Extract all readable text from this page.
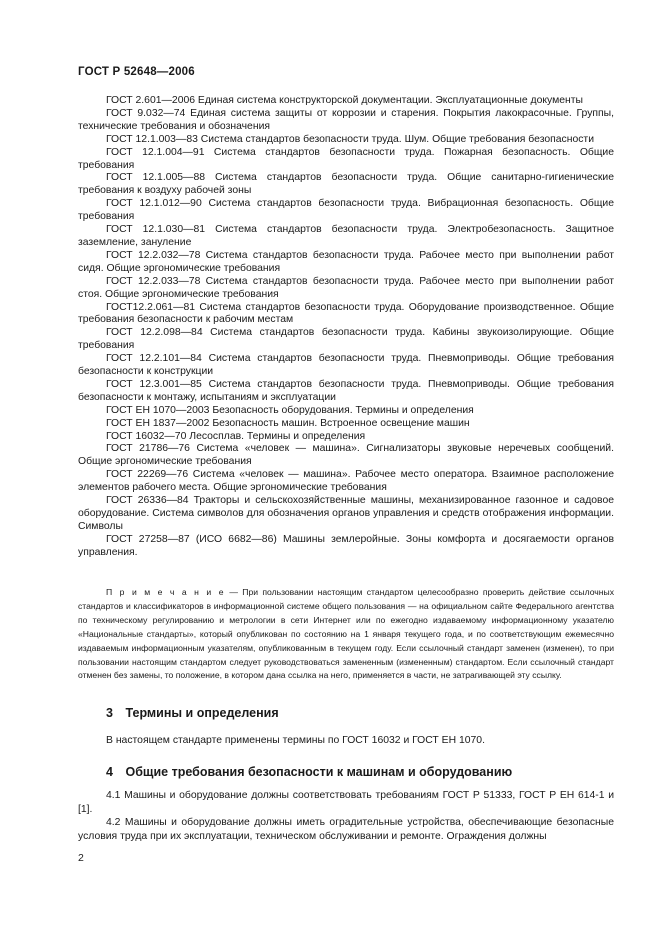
ГОСТ Р 52648—2006

ГОСТ 2.601—2006 Единая система конструкторской документации. Эксплуатационные документы

ГОСТ 9.032—74 Единая система защиты от коррозии и старения. Покрытия лакокрасочные. Группы, технические требования и обозначения

ГОСТ 12.1.003—83 Система стандартов безопасности труда. Шум. Общие требования безопасности

ГОСТ 12.1.004—91 Система стандартов безопасности труда. Пожарная безопасность. Общие требования

ГОСТ 12.1.005—88 Система стандартов безопасности труда. Общие санитарно-гигиенические требования к воздуху рабочей зоны

ГОСТ 12.1.012—90 Система стандартов безопасности труда. Вибрационная безопасность. Общие требования

ГОСТ 12.1.030—81 Система стандартов безопасности труда. Электробезопасность. Защитное заземление, зануление

ГОСТ 12.2.032—78 Система стандартов безопасности труда. Рабочее место при выполнении работ сидя. Общие эргономические требования

ГОСТ 12.2.033—78 Система стандартов безопасности труда. Рабочее место при выполнении работ стоя. Общие эргономические требования

ГОСТ12.2.061—81 Система стандартов безопасности труда. Оборудование производственное. Общие требования безопасности к рабочим местам

ГОСТ 12.2.098—84 Система стандартов безопасности труда. Кабины звукоизолирующие. Общие требования

ГОСТ 12.2.101—84 Система стандартов безопасности труда. Пневмоприводы. Общие требования безопасности к конструкции

ГОСТ 12.3.001—85 Система стандартов безопасности труда. Пневмоприводы. Общие требования безопасности к монтажу, испытаниям и эксплуатации

ГОСТ ЕН 1070—2003 Безопасность оборудования. Термины и определения

ГОСТ ЕН 1837—2002 Безопасность машин. Встроенное освещение машин

ГОСТ 16032—70 Лесосплав. Термины и определения

ГОСТ 21786—76 Система «человек — машина». Сигнализаторы звуковые неречевых сообщений. Общие эргономические требования

ГОСТ 22269—76 Система «человек — машина». Рабочее место оператора. Взаимное расположение элементов рабочего места. Общие эргономические требования

ГОСТ 26336—84 Тракторы и сельскохозяйственные машины, механизированное газонное и садовое оборудование. Система символов для обозначения органов управления и средств отображения информации. Символы

ГОСТ 27258—87 (ИСО 6682—86) Машины землеройные. Зоны комфорта и досягаемости органов управления.

П р и м е ч а н и е — При пользовании настоящим стандартом целесообразно проверить действие ссылочных стандартов и классификаторов в информационной системе общего пользования — на официальном сайте Федерального агентства по техническому регулированию и метрологии в сети Интернет или по ежегодно издаваемому информационному указателю «Национальные стандарты», который опубликован по состоянию на 1 января текущего года, и по соответствующим ежемесячно издаваемым информационным указателям, опубликованным в текущем году. Если ссылочный стандарт заменен (изменен), то при пользовании настоящим стандартом следует руководствоваться замененным (измененным) стандартом. Если ссылочный стандарт отменен без замены, то положение, в котором дана ссылка на него, применяется в части, не затрагивающей эту ссылку.

3 Термины и определения

В настоящем стандарте применены термины по ГОСТ 16032 и ГОСТ ЕН 1070.

4 Общие требования безопасности к машинам и оборудованию

4.1 Машины и оборудование должны соответствовать требованиям ГОСТ Р 51333, ГОСТ Р ЕН 614-1 и [1].

4.2 Машины и оборудование должны иметь оградительные устройства, обеспечивающие безопасные условия труда при их эксплуатации, техническом обслуживании и ремонте. Ограждения должны

2
